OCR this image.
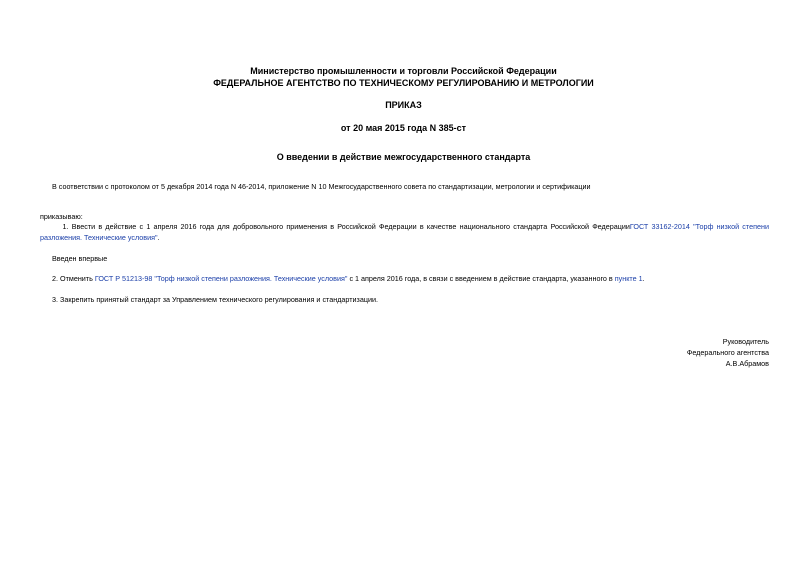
Министерство промышленности и торговли Российской Федерации
ФЕДЕРАЛЬНОЕ АГЕНТСТВО ПО ТЕХНИЧЕСКОМУ РЕГУЛИРОВАНИЮ И МЕТРОЛОГИИ
ПРИКАЗ
от 20 мая 2015 года N 385-ст
О введении в действие межгосударственного стандарта
В соответствии с протоколом от 5 декабря 2014 года N 46-2014, приложение N 10 Межгосударственного совета по стандартизации, метрологии и сертификации
приказываю:
1. Ввести в действие с 1 апреля 2016 года для добровольного применения в Российской Федерации в качестве национального стандарта Российской ФедерацииГОСТ 33162-2014 "Торф низкой степени
разложения. Технические условия".
Введен впервые
2. Отменить ГОСТ Р 51213-98 "Торф низкой степени разложения. Технические условия" с 1 апреля 2016 года, в связи с введением в действие стандарта, указанного в пункте 1.
3. Закрепить принятый стандарт за Управлением технического регулирования и стандартизации.
Руководитель
Федерального агентства
А.В.Абрамов
